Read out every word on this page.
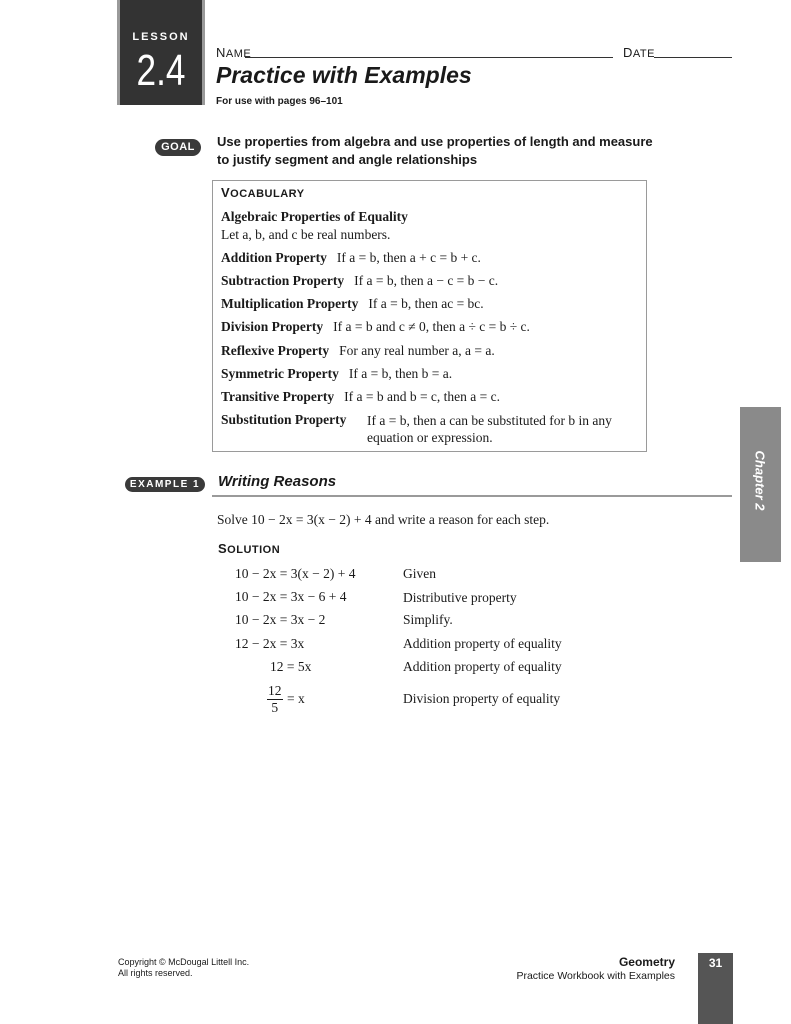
LESSON
2.4	NAME	DATE
Practice with Examples
For use with pages 96–101
GOAL	Use properties from algebra and use properties of length and measure to justify segment and angle relationships
VOCABULARY
Algebraic Properties of Equality
Let a, b, and c be real numbers.
Addition Property If a = b, then a + c = b + c.
Subtraction Property If a = b, then a − c = b − c.
Multiplication Property If a = b, then ac = bc.
Division Property If a = b and c ≠ 0, then a ÷ c = b ÷ c.
Reflexive Property For any real number a, a = a.
Symmetric Property If a = b, then b = a.
Transitive Property If a = b and b = c, then a = c.
Substitution Property If a = b, then a can be substituted for b in any equation or expression.
Chapter 2
EXAMPLE 1	Writing Reasons
Solve 10 − 2x = 3(x − 2) + 4 and write a reason for each step.
SOLUTION
10 − 2x = 3(x − 2) + 4	Given
10 − 2x = 3x − 6 + 4	Distributive property
10 − 2x = 3x − 2	Simplify.
12 − 2x = 3x	Addition property of equality
12 = 5x	Addition property of equality
$\frac{12}{5} = x$	Division property of equality
Copyright © McDougal Littell Inc.
All rights reserved.
Geometry
Practice Workbook with Examples
31
